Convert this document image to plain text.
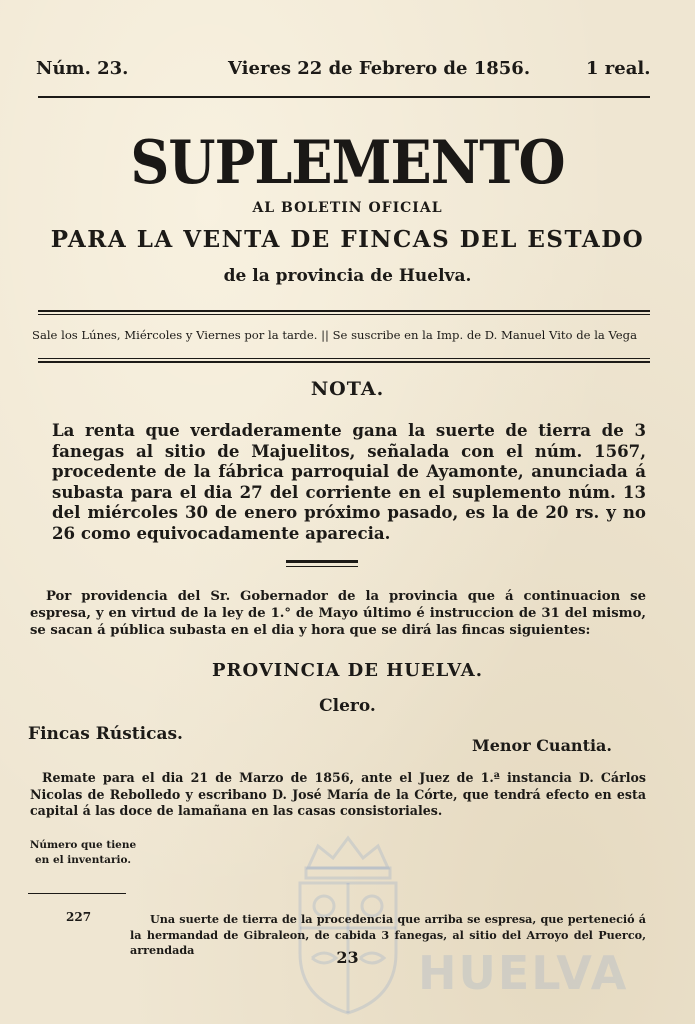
Núm. 23.	Vieres 22 de Febrero de 1856.	1 real.
SUPLEMENTO
AL BOLETIN OFICIAL
PARA LA VENTA DE FINCAS DEL ESTADO
de la provincia de Huelva.
Sale los Lúnes, Miércoles y Viernes por la tarde. || Se suscribe en la Imp. de D. Manuel Vito de la Vega
NOTA.

La renta que verdaderamente gana la suerte de tierra de 3 fanegas al sitio de Majuelitos, señalada con el núm. 1567, procedente de la fábrica parroquial de Ayamonte, anunciada á subasta para el dia 27 del corriente en el suplemento núm. 13 del miércoles 30 de enero próximo pasado, es la de 20 rs. y no 26 como equivocadamente aparecia.

Por providencia del Sr. Gobernador de la provincia que á continuacion se espresa, y en virtud de la ley de 1.° de Mayo último é instruccion de 31 del mismo, se sacan á pública subasta en el dia y hora que se dirá las fincas siguientes:

PROVINCIA DE HUELVA.
Clero.
Fincas Rústicas.
Menor Cuantia.

Remate para el dia 21 de Marzo de 1856, ante el Juez de 1.ª instancia D. Cárlos Nicolas de Rebolledo y escribano D. José María de la Córte, que tendrá efecto en esta capital á las doce de lamañana en las casas consistoriales.

HUELVA
Número que tiene en el inventario.
227	Una suerte de tierra de la procedencia que arriba se espresa, que perteneció á la hermandad de Gibraleon, de cabida 3 fanegas, al sitio del Arroyo del Puerco, arrendada	23
